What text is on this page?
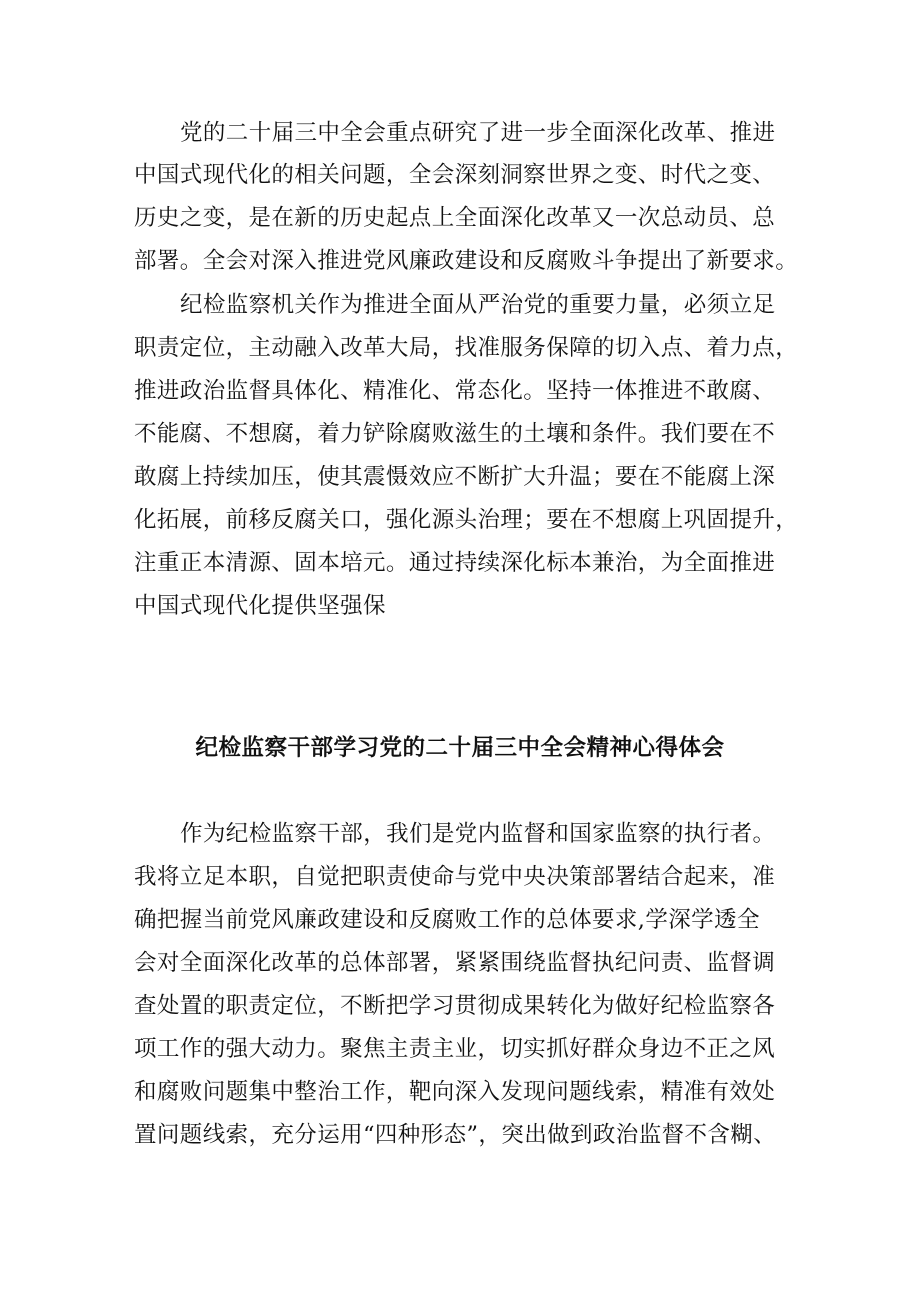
党的二十届三中全会重点研究了进一步全面深化改革、推进
中国式现代化的相关问题，全会深刻洞察世界之变、时代之变、
历史之变，是在新的历史起点上全面深化改革又一次总动员、总
部署。全会对深入推进党风廉政建设和反腐败斗争提出了新要求。
纪检监察机关作为推进全面从严治党的重要力量，必须立足
职责定位，主动融入改革大局，找准服务保障的切入点、着力点，
推进政治监督具体化、精准化、常态化。坚持一体推进不敢腐、
不能腐、不想腐，着力铲除腐败滋生的土壤和条件。我们要在不
敢腐上持续加压，使其震慑效应不断扩大升温；要在不能腐上深
化拓展，前移反腐关口，强化源头治理；要在不想腐上巩固提升，
注重正本清源、固本培元。通过持续深化标本兼治，为全面推进
中国式现代化提供坚强保
纪检监察干部学习党的二十届三中全会精神心得体会
作为纪检监察干部，我们是党内监督和国家监察的执行者。
我将立足本职，自觉把职责使命与党中央决策部署结合起来，准
确把握当前党风廉政建设和反腐败工作的总体要求,学深学透全
会对全面深化改革的总体部署，紧紧围绕监督执纪问责、监督调
查处置的职责定位，不断把学习贯彻成果转化为做好纪检监察各
项工作的强大动力。聚焦主责主业，切实抓好群众身边不正之风
和腐败问题集中整治工作，靶向深入发现问题线索，精准有效处
置问题线索，充分运用“四种形态”，突出做到政治监督不含糊、
